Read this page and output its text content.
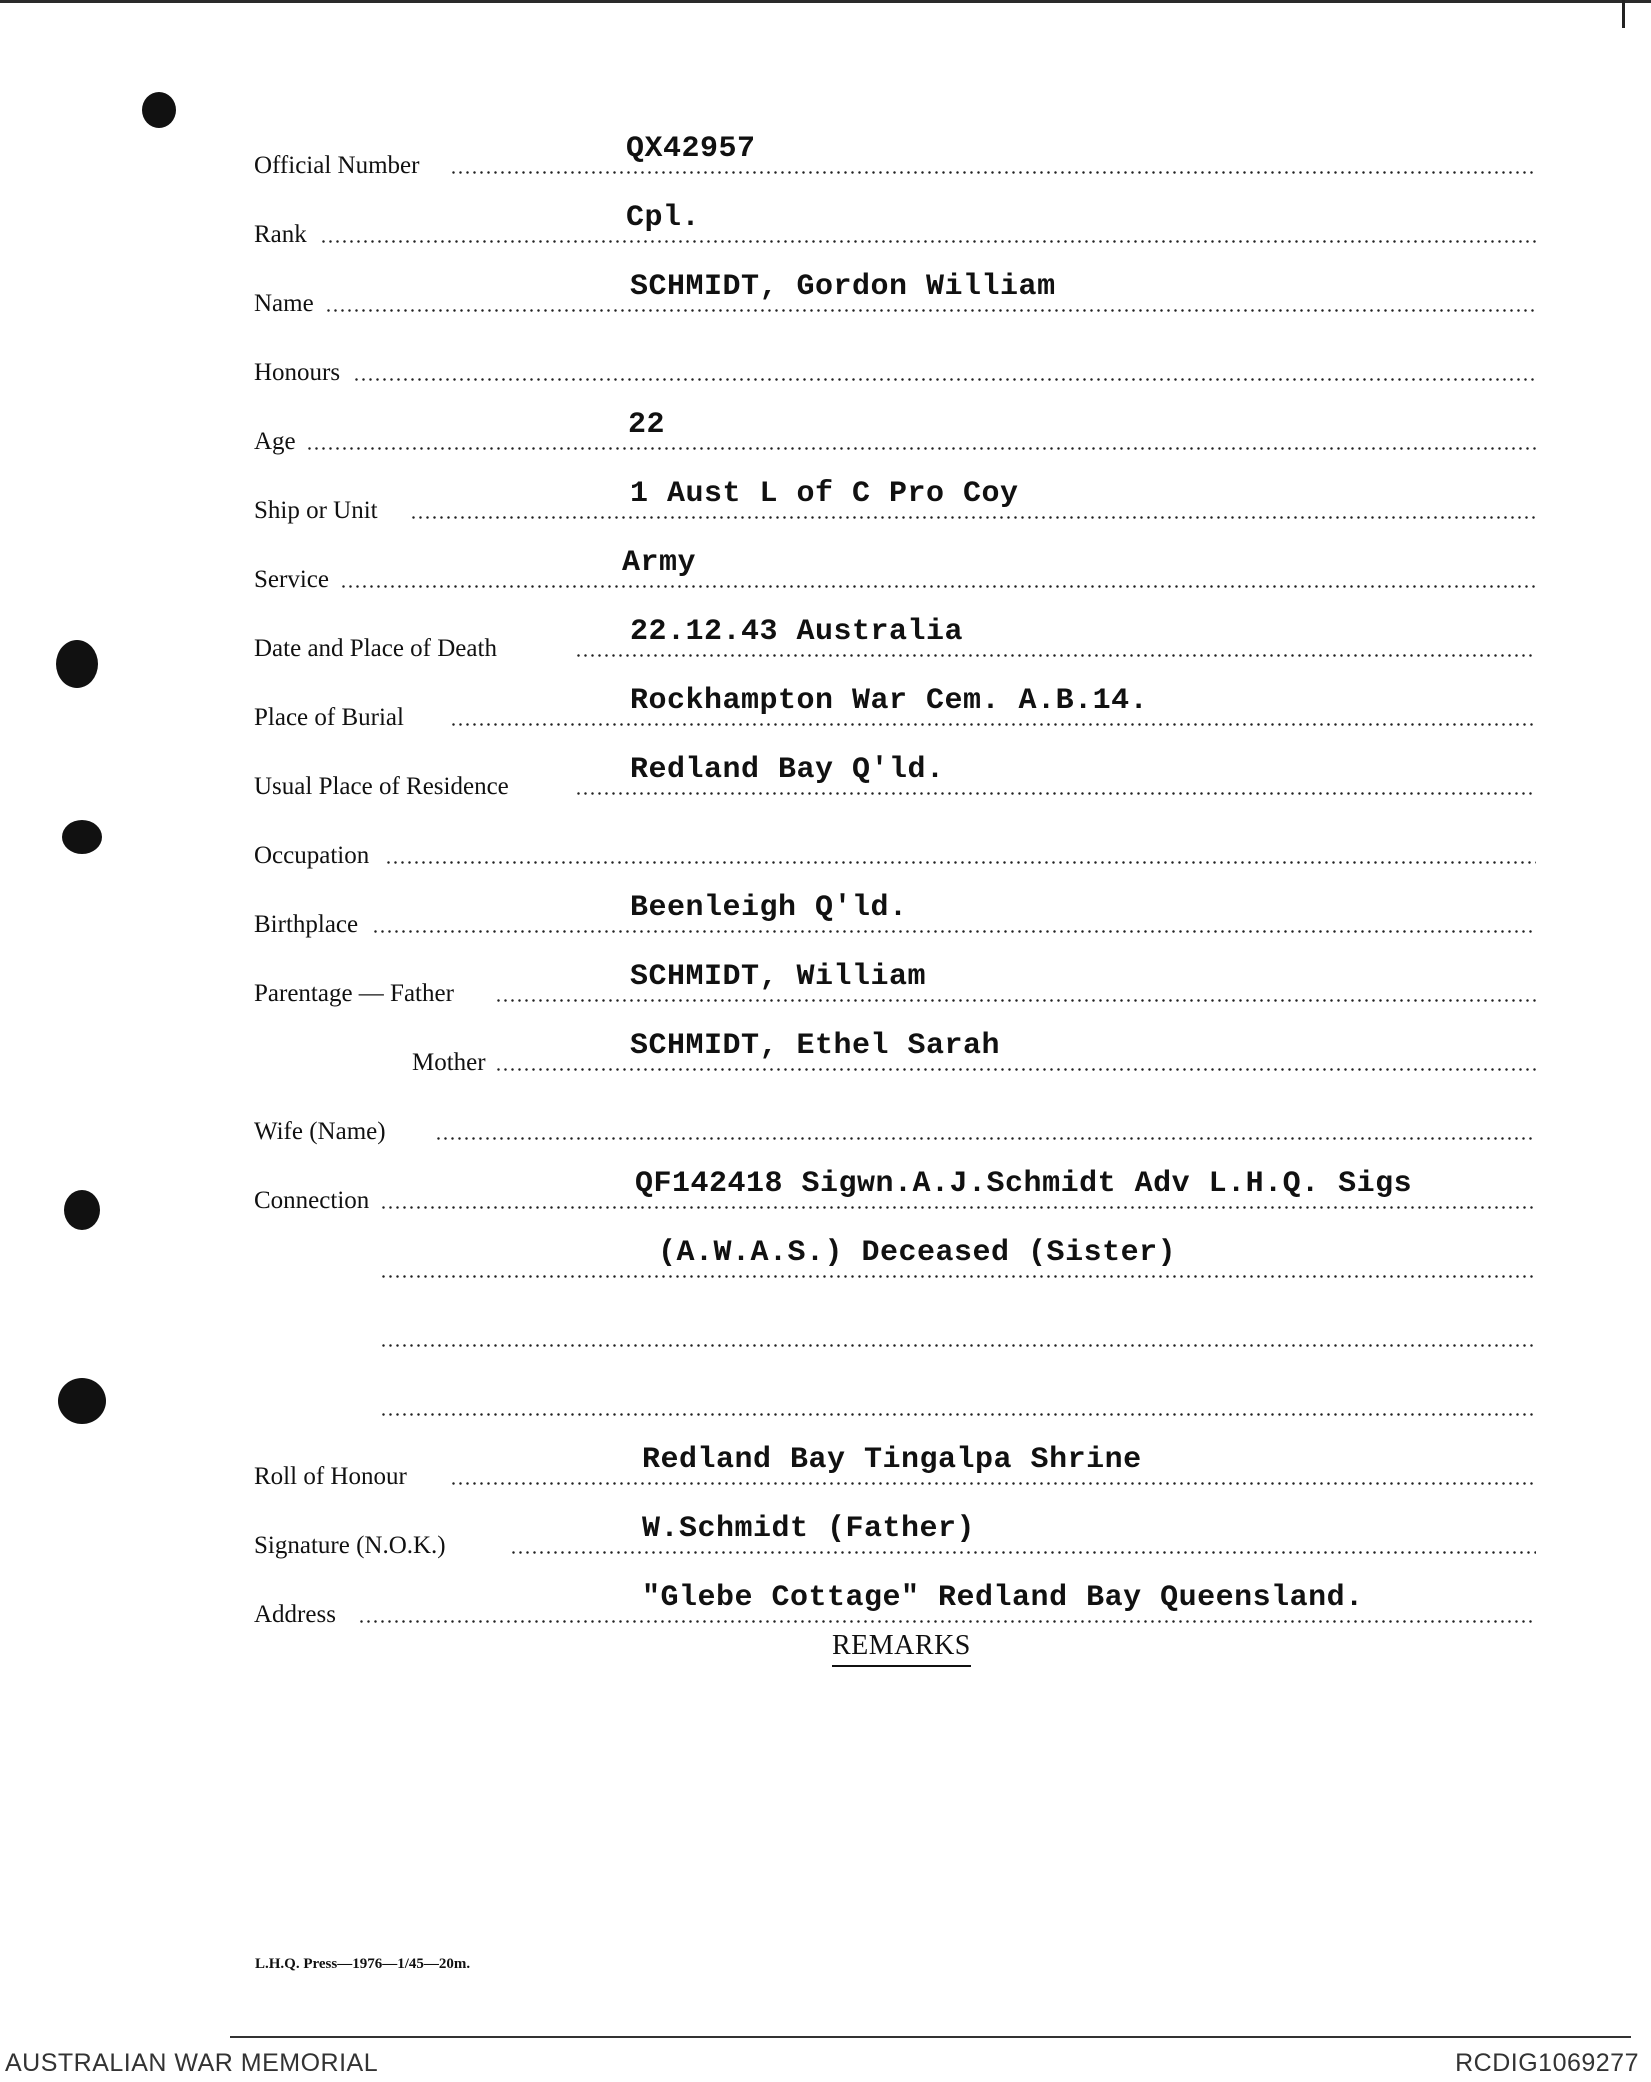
Official Number	QX42957
Rank	Cpl.
Name	SCHMIDT, Gordon William
Honours
Age	22
Ship or Unit	1 Aust L of C Pro Coy
Service	Army
Date and Place of Death	22.12.43 Australia
Place of Burial	Rockhampton War Cem. A.B.14.
Usual Place of Residence	Redland Bay Q'ld.
Occupation
Birthplace	Beenleigh Q'ld.
Parentage — Father	SCHMIDT, William
Mother	SCHMIDT, Ethel Sarah
Wife (Name)
Connection	QF142418 Sigwn.A.J.Schmidt Adv L.H.Q. Sigs
(A.W.A.S.) Deceased (Sister)
Roll of Honour	Redland Bay Tingalpa Shrine
Signature (N.O.K.)	W.Schmidt (Father)
Address	"Glebe Cottage" Redland Bay Queensland.
REMARKS
L.H.Q. Press—1976—1/45—20m.
AUSTRALIAN WAR MEMORIAL	RCDIG1069277
